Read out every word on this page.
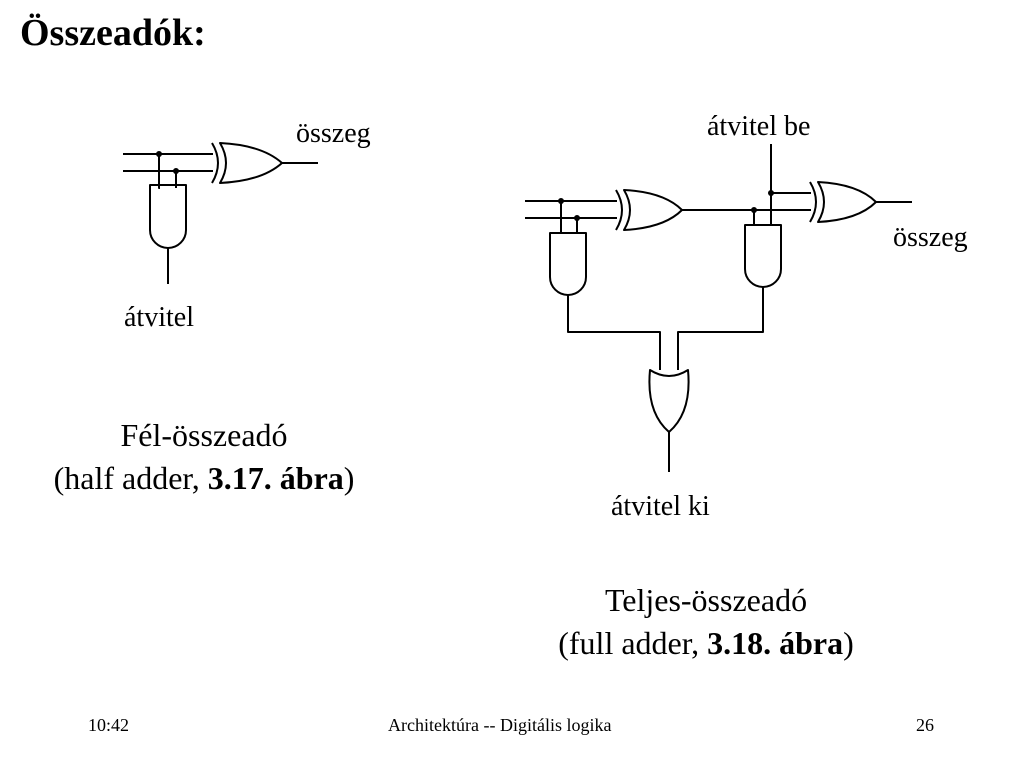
Összeadók:
összeg
átvitel
Fél-összeadó
(half adder, 3.17. ábra)
átvitel be
összeg
átvitel ki
Teljes-összeadó
(full adder, 3.18. ábra)
10:42	Architektúra -- Digitális logika	26
